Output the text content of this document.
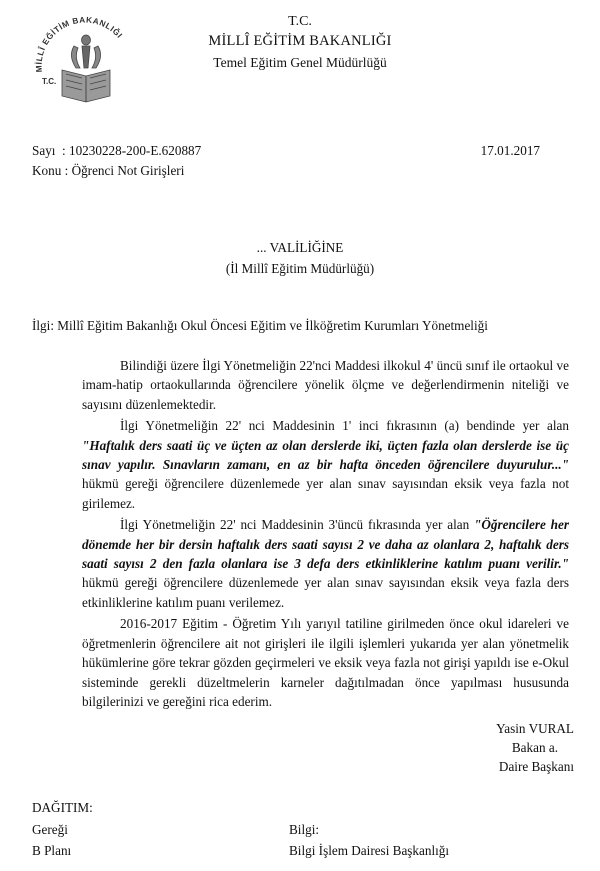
MİLLÎ EĞİTİM BAKANLIĞI
T.C.
T.C.
MİLLÎ EĞİTİM BAKANLIĞI
Temel Eğitim Genel Müdürlüğü
Sayı  : 10230228-200-E.620887	17.01.2017
Konu : Öğrenci Not Girişleri
... VALİLİĞİNE
(İl Millî Eğitim Müdürlüğü)
İlgi: Millî Eğitim Bakanlığı Okul Öncesi Eğitim ve İlköğretim Kurumları Yönetmeliği

Bilindiği üzere İlgi Yönetmeliğin 22'nci Maddesi ilkokul 4' üncü sınıf ile ortaokul ve imam-hatip ortaokullarında öğrencilere yönelik ölçme ve değerlendirmenin niteliği ve sayısını düzenlemektedir.

İlgi Yönetmeliğin 22' nci Maddesinin 1' inci fıkrasının (a) bendinde yer alan "Haftalık ders saati üç ve üçten az olan derslerde iki, üçten fazla olan derslerde ise üç sınav yapılır. Sınavların zamanı, en az bir hafta önceden öğrencilere duyurulur..." hükmü gereği öğrencilere düzenlemede yer alan sınav sayısından eksik veya fazla not girilemez.

İlgi Yönetmeliğin 22' nci Maddesinin 3'üncü fıkrasında yer alan "Öğrencilere her dönemde her bir dersin haftalık ders saati sayısı 2 ve daha az olanlara 2, haftalık ders saati sayısı 2 den fazla olanlara ise 3 defa ders etkinliklerine katılım puanı verilir." hükmü gereği öğrencilere düzenlemede yer alan sınav sayısından eksik veya fazla ders etkinliklerine katılım puanı verilemez.

2016-2017 Eğitim - Öğretim Yılı yarıyıl tatiline girilmeden önce okul idareleri ve öğretmenlerin öğrencilere ait not girişleri ile ilgili işlemleri yukarıda yer alan yönetmelik hükümlerine göre tekrar gözden geçirmeleri ve eksik veya fazla not girişi yapıldı ise e-Okul sisteminde gerekli düzeltmelerin karneler dağıtılmadan önce yapılması hususunda bilgilerinizi ve gereğini rica ederim.

Yasin VURAL
Bakan a.
Daire Başkanı
DAĞITIM:
Gereği
B Planı
Bilgi:
Bilgi İşlem Dairesi Başkanlığı
